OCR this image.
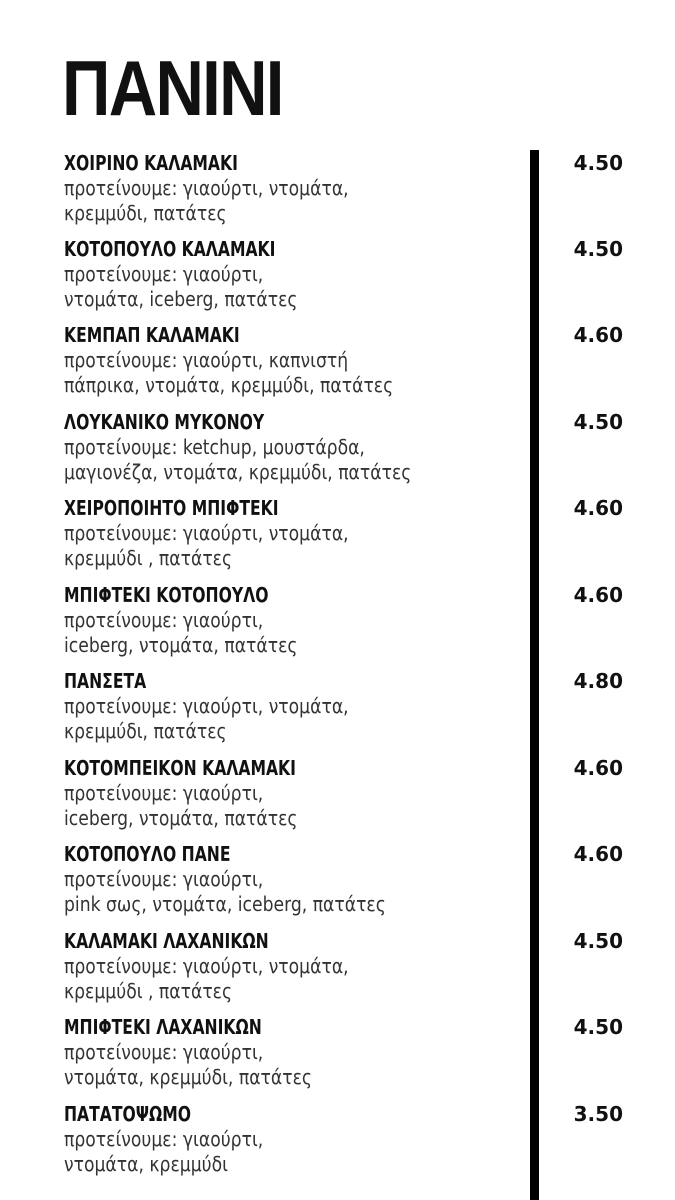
ΠΑΝΙΝΙ
ΧΟΙΡΙΝΟ ΚΑΛΑΜΑΚΙ
προτείνουμε: γιαούρτι, ντομάτα,
κρεμμύδι, πατάτες
4.50
ΚΟΤΟΠΟΥΛΟ ΚΑΛΑΜΑΚΙ
προτείνουμε: γιαούρτι,
ντομάτα, iceberg, πατάτες
4.50
ΚΕΜΠΑΠ ΚΑΛΑΜΑΚΙ
προτείνουμε: γιαούρτι, καπνιστή
πάπρικα, ντομάτα, κρεμμύδι, πατάτες
4.60
ΛΟΥΚΑΝΙΚΟ ΜΥΚΟΝΟΥ
προτείνουμε: ketchup, μουστάρδα,
μαγιονέζα, ντομάτα, κρεμμύδι, πατάτες
4.50
ΧΕΙΡΟΠΟΙΗΤΟ ΜΠΙΦΤΕΚΙ
προτείνουμε: γιαούρτι, ντομάτα,
κρεμμύδι , πατάτες
4.60
ΜΠΙΦΤΕΚΙ ΚΟΤΟΠΟΥΛΟ
προτείνουμε: γιαούρτι,
iceberg, ντομάτα, πατάτες
4.60
ΠΑΝΣΕΤΑ
προτείνουμε: γιαούρτι, ντομάτα,
κρεμμύδι, πατάτες
4.80
ΚΟΤΟΜΠΕΙΚΟΝ ΚΑΛΑΜΑΚΙ
προτείνουμε: γιαούρτι,
iceberg, ντομάτα, πατάτες
4.60
ΚΟΤΟΠΟΥΛΟ ΠΑΝΕ
προτείνουμε: γιαούρτι,
pink σως, ντομάτα, iceberg, πατάτες
4.60
ΚΑΛΑΜΑΚΙ ΛΑΧΑΝΙΚΩΝ
προτείνουμε: γιαούρτι, ντομάτα,
κρεμμύδι , πατάτες
4.50
ΜΠΙΦΤΕΚΙ ΛΑΧΑΝΙΚΩΝ
προτείνουμε: γιαούρτι,
ντομάτα, κρεμμύδι, πατάτες
4.50
ΠΑΤΑΤΟΨΩΜΟ
προτείνουμε: γιαούρτι,
ντομάτα, κρεμμύδι
3.50
